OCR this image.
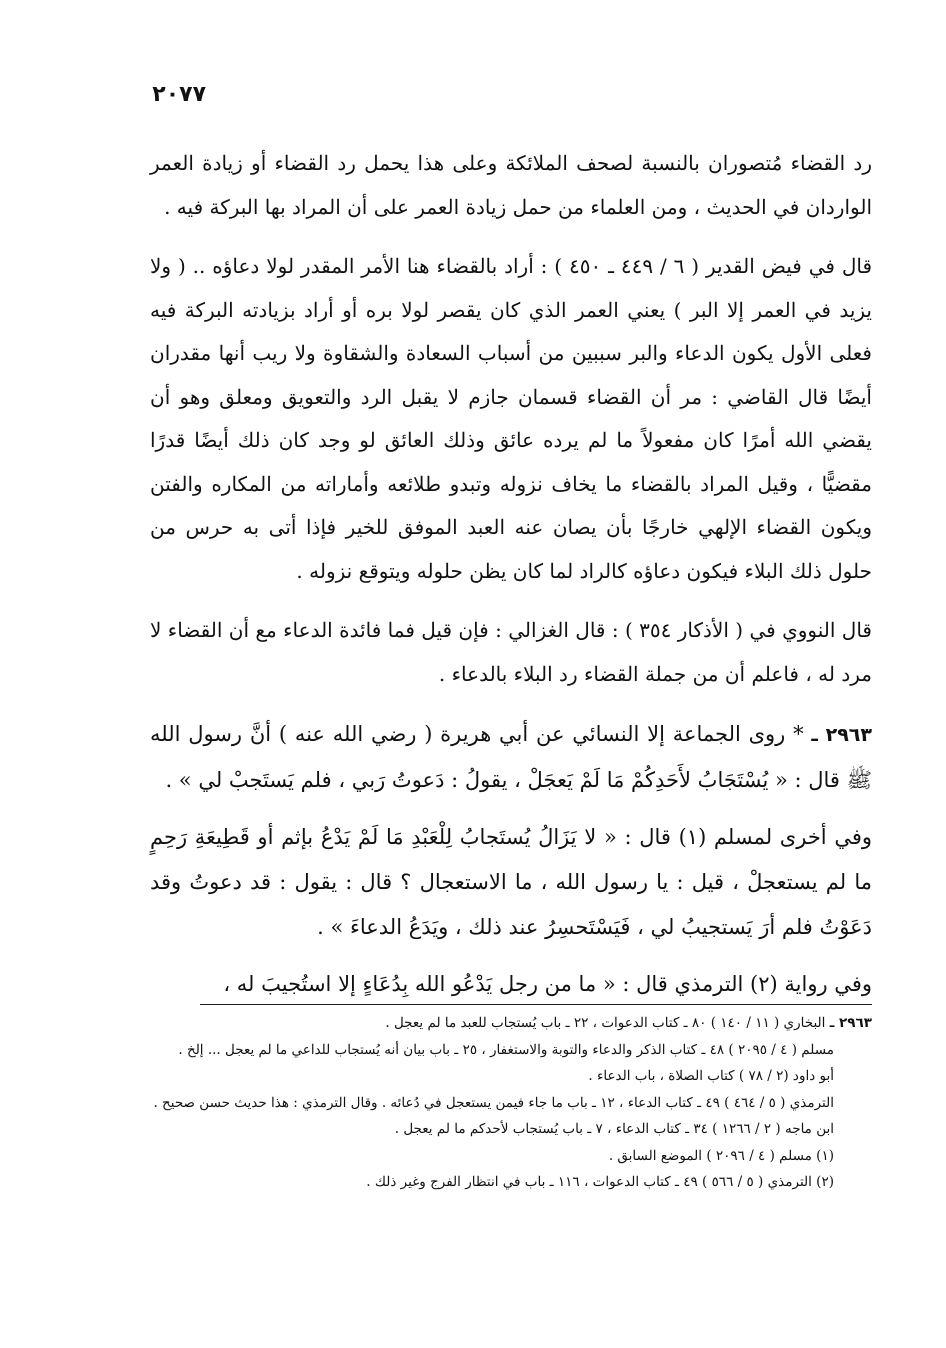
٢٠٧٧

رد القضاء مُتصوران بالنسبة لصحف الملائكة وعلى هذا يحمل رد القضاء أو زيادة العمر الواردان في الحديث ، ومن العلماء من حمل زيادة العمر على أن المراد بها البركة فيه .

قال في فيض القدير ( ٦ / ٤٤٩ ـ ٤٥٠ ) : أراد بالقضاء هنا الأمر المقدر لولا دعاؤه .. ( ولا يزيد في العمر إلا البر ) يعني العمر الذي كان يقصر لولا بره أو أراد بزيادته البركة فيه فعلى الأول يكون الدعاء والبر سببين من أسباب السعادة والشقاوة ولا ريب أنها مقدران أيضًا قال القاضي : مر أن القضاء قسمان جازم لا يقبل الرد والتعويق ومعلق وهو أن يقضي الله أمرًا كان مفعولاً ما لم يرده عائق وذلك العائق لو وجد كان ذلك أيضًا قدرًا مقضيًّا ، وقيل المراد بالقضاء ما يخاف نزوله وتبدو طلائعه وأماراته من المكاره والفتن ويكون القضاء الإلهي خارجًا بأن يصان عنه العبد الموفق للخير فإذا أتى به حرس من حلول ذلك البلاء فيكون دعاؤه كالراد لما كان يظن حلوله ويتوقع نزوله .

قال النووي في ( الأذكار ٣٥٤ ) : قال الغزالي : فإن قيل فما فائدة الدعاء مع أن القضاء لا مرد له ، فاعلم أن من جملة القضاء رد البلاء بالدعاء .

٢٩٦٣ ـ * روى الجماعة إلا النسائي عن أبي هريرة ( رضي الله عنه ) أنَّ رسول الله ﷺ قال : « يُسْتَجَابُ لأَحَدِكُمْ مَا لَمْ يَعجَلْ ، يقولُ : دَعوتُ رَبي ، فلم يَستَجبْ لي » .

وفي أخرى لمسلم (١) قال : « لا يَزَالُ يُستَجابُ لِلْعَبْدِ مَا لَمْ يَدْعُ بإثم أو قَطِيعَةِ رَحِمٍ ما لم يستعجلْ ، قيل : يا رسول الله ، ما الاستعجال ؟ قال : يقول : قد دعوتُ وقد دَعَوْتُ فلم أرَ يَستجيبُ لي ، فَيَسْتَحسِرُ عند ذلك ، ويَدَعُ الدعاءَ » .

وفي رواية (٢) الترمذي قال : « ما من رجل يَدْعُو الله بِدُعَاءٍ إلا استُجيبَ له ،

٢٩٦٣ ـ البخاري ( ١١ / ١٤٠ ) ٨٠ ـ كتاب الدعوات ، ٢٢ ـ باب يُستجاب للعبد ما لم يعجل .

مسلم ( ٤ / ٢٠٩٥ ) ٤٨ ـ كتاب الذكر والدعاء والتوبة والاستغفار ، ٢٥ ـ باب بيان أنه يُستجاب للداعي ما لم يعجل ... إلخ .

أبو داود (٢ / ٧٨ ) كتاب الصلاة ، باب الدعاء .

الترمذي ( ٥ / ٤٦٤ ) ٤٩ ـ كتاب الدعاء ، ١٢ ـ باب ما جاء فيمن يستعجل في دُعائه . وقال الترمذي : هذا حديث حسن صحيح .

ابن ماجه ( ٢ / ١٢٦٦ ) ٣٤ ـ كتاب الدعاء ، ٧ ـ باب يُستجاب لأحدكم ما لم يعجل .

(١) مسلم ( ٤ / ٢٠٩٦ ) الموضع السابق .

(٢) الترمذي ( ٥ / ٥٦٦ ) ٤٩ ـ كتاب الدعوات ، ١١٦ ـ باب في انتظار الفرج وغير ذلك .
